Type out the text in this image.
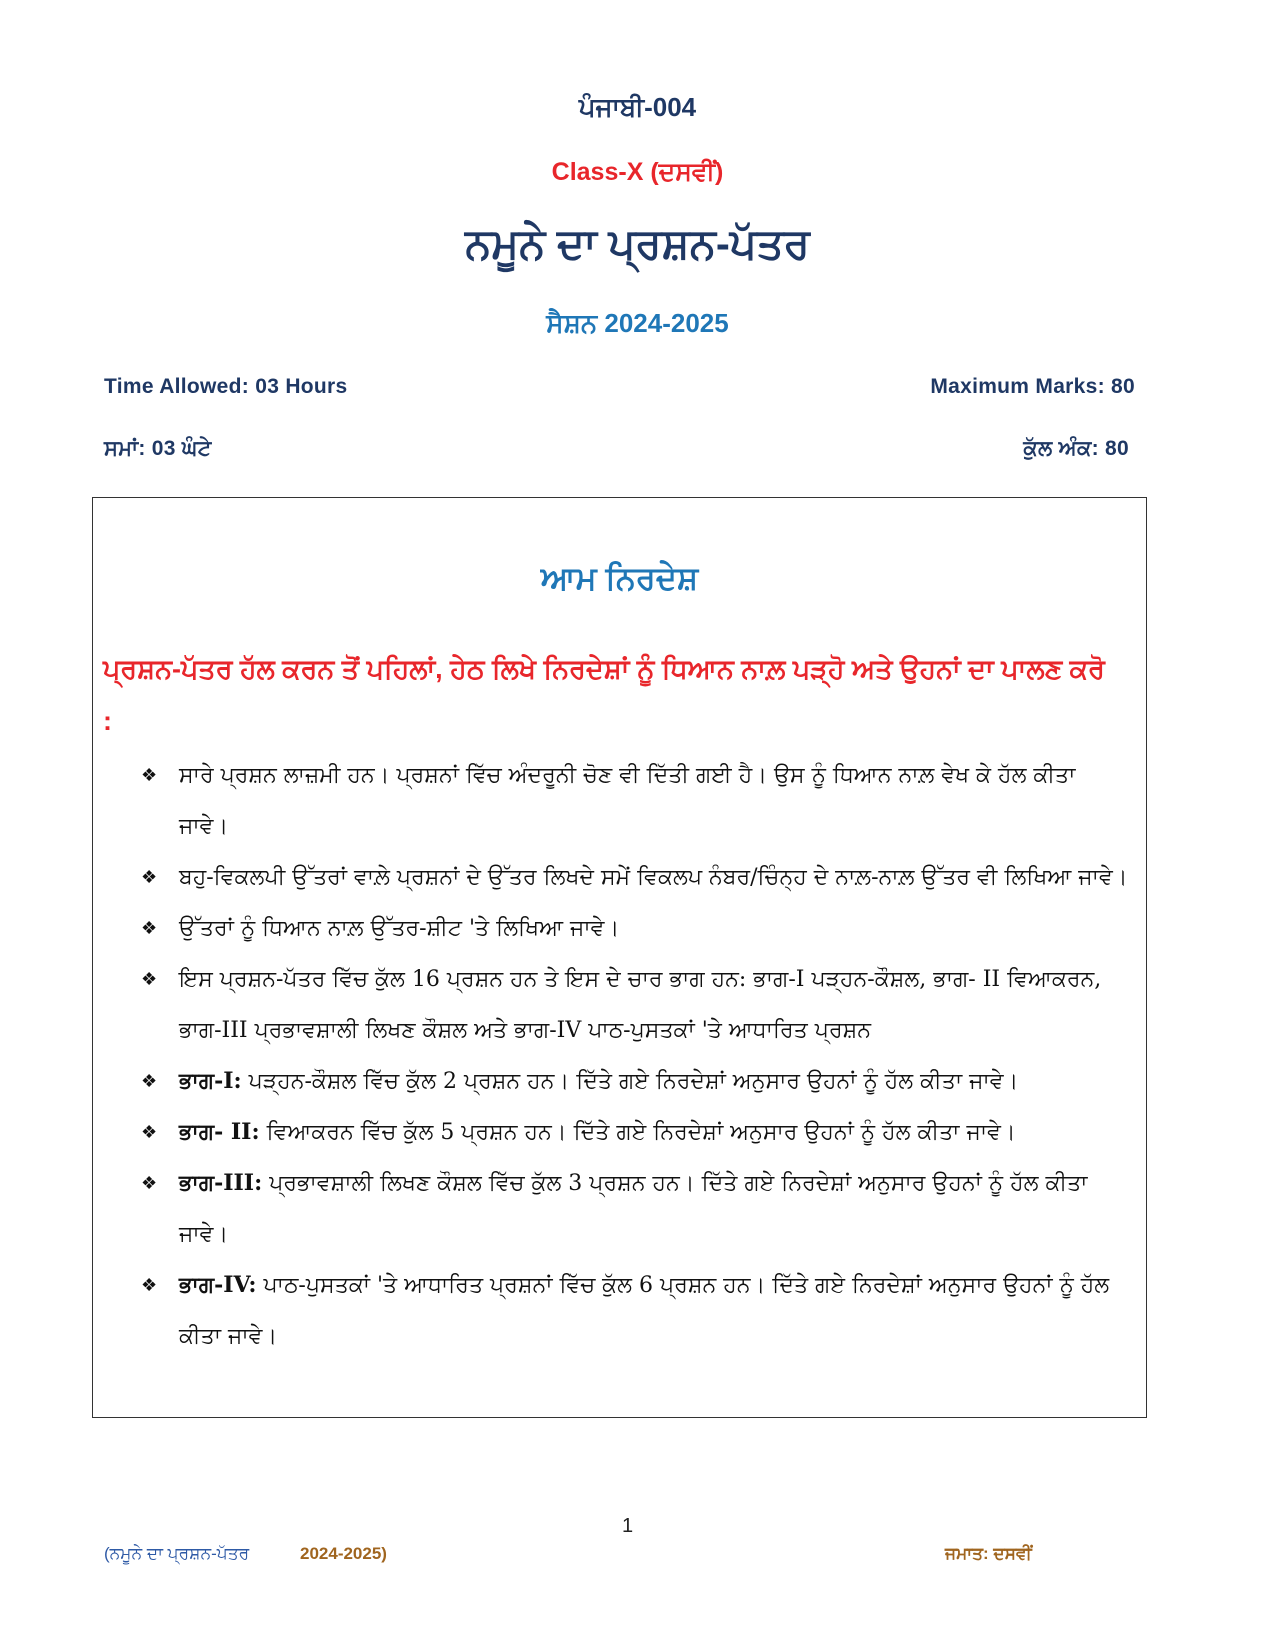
ਪੰਜਾਬੀ-004
Class-X (ਦਸਵੀਂ)
ਨਮੂਨੇ ਦਾ ਪ੍ਰਸ਼ਨ-ਪੱਤਰ
ਸੈਸ਼ਨ 2024-2025
Time Allowed: 03 Hours	Maximum Marks: 80
ਸਮਾਂ: 03 ਘੰਟੇ	ਕੁੱਲ ਅੰਕ: 80
ਆਮ ਨਿਰਦੇਸ਼
ਪ੍ਰਸ਼ਨ-ਪੱਤਰ ਹੱਲ ਕਰਨ ਤੋਂ ਪਹਿਲਾਂ, ਹੇਠ ਲਿਖੇ ਨਿਰਦੇਸ਼ਾਂ ਨੂੰ ਧਿਆਨ ਨਾਲ਼ ਪੜ੍ਹੋ ਅਤੇ ਉਹਨਾਂ ਦਾ ਪਾਲਣ ਕਰੋ :
❖ ਸਾਰੇ ਪ੍ਰਸ਼ਨ ਲਾਜ਼ਮੀ ਹਨ। ਪ੍ਰਸ਼ਨਾਂ ਵਿੱਚ ਅੰਦਰੂਨੀ ਚੋਣ ਵੀ ਦਿੱਤੀ ਗਈ ਹੈ। ਉਸ ਨੂੰ ਧਿਆਨ ਨਾਲ਼ ਵੇਖ ਕੇ ਹੱਲ ਕੀਤਾ ਜਾਵੇ।
❖ ਬਹੁ-ਵਿਕਲਪੀ ਉੱਤਰਾਂ ਵਾਲ਼ੇ ਪ੍ਰਸ਼ਨਾਂ ਦੇ ਉੱਤਰ ਲਿਖਦੇ ਸਮੇਂ ਵਿਕਲਪ ਨੰਬਰ/ਚਿੰਨ੍ਹ ਦੇ ਨਾਲ਼-ਨਾਲ਼ ਉੱਤਰ ਵੀ ਲਿਖਿਆ ਜਾਵੇ।
❖ ਉੱਤਰਾਂ ਨੂੰ ਧਿਆਨ ਨਾਲ਼ ਉੱਤਰ-ਸ਼ੀਟ 'ਤੇ ਲਿਖਿਆ ਜਾਵੇ।
❖ ਇਸ ਪ੍ਰਸ਼ਨ-ਪੱਤਰ ਵਿੱਚ ਕੁੱਲ 16 ਪ੍ਰਸ਼ਨ ਹਨ ਤੇ ਇਸ ਦੇ ਚਾਰ ਭਾਗ ਹਨ: ਭਾਗ-I ਪੜ੍ਹਨ-ਕੌਸ਼ਲ, ਭਾਗ- II ਵਿਆਕਰਨ, ਭਾਗ-III ਪ੍ਰਭਾਵਸ਼ਾਲੀ ਲਿਖਣ ਕੌਸ਼ਲ ਅਤੇ ਭਾਗ-IV ਪਾਠ-ਪੁਸਤਕਾਂ 'ਤੇ ਆਧਾਰਿਤ ਪ੍ਰਸ਼ਨ
❖ ਭਾਗ-I: ਪੜ੍ਹਨ-ਕੌਸ਼ਲ ਵਿੱਚ ਕੁੱਲ 2 ਪ੍ਰਸ਼ਨ ਹਨ। ਦਿੱਤੇ ਗਏ ਨਿਰਦੇਸ਼ਾਂ ਅਨੁਸਾਰ ਉਹਨਾਂ ਨੂੰ ਹੱਲ ਕੀਤਾ ਜਾਵੇ।
❖ ਭਾਗ- II: ਵਿਆਕਰਨ ਵਿੱਚ ਕੁੱਲ 5 ਪ੍ਰਸ਼ਨ ਹਨ। ਦਿੱਤੇ ਗਏ ਨਿਰਦੇਸ਼ਾਂ ਅਨੁਸਾਰ ਉਹਨਾਂ ਨੂੰ ਹੱਲ ਕੀਤਾ ਜਾਵੇ।
❖ ਭਾਗ-III: ਪ੍ਰਭਾਵਸ਼ਾਲੀ ਲਿਖਣ ਕੌਸ਼ਲ ਵਿੱਚ ਕੁੱਲ 3 ਪ੍ਰਸ਼ਨ ਹਨ। ਦਿੱਤੇ ਗਏ ਨਿਰਦੇਸ਼ਾਂ ਅਨੁਸਾਰ ਉਹਨਾਂ ਨੂੰ ਹੱਲ ਕੀਤਾ ਜਾਵੇ।
❖ ਭਾਗ-IV: ਪਾਠ-ਪੁਸਤਕਾਂ 'ਤੇ ਆਧਾਰਿਤ ਪ੍ਰਸ਼ਨਾਂ ਵਿੱਚ ਕੁੱਲ 6 ਪ੍ਰਸ਼ਨ ਹਨ। ਦਿੱਤੇ ਗਏ ਨਿਰਦੇਸ਼ਾਂ ਅਨੁਸਾਰ ਉਹਨਾਂ ਨੂੰ ਹੱਲ ਕੀਤਾ ਜਾਵੇ।
1
(ਨਮੂਨੇ ਦਾ ਪ੍ਰਸ਼ਨ-ਪੱਤਰ	2024-2025)	ਜਮਾਤ: ਦਸਵੀਂ
